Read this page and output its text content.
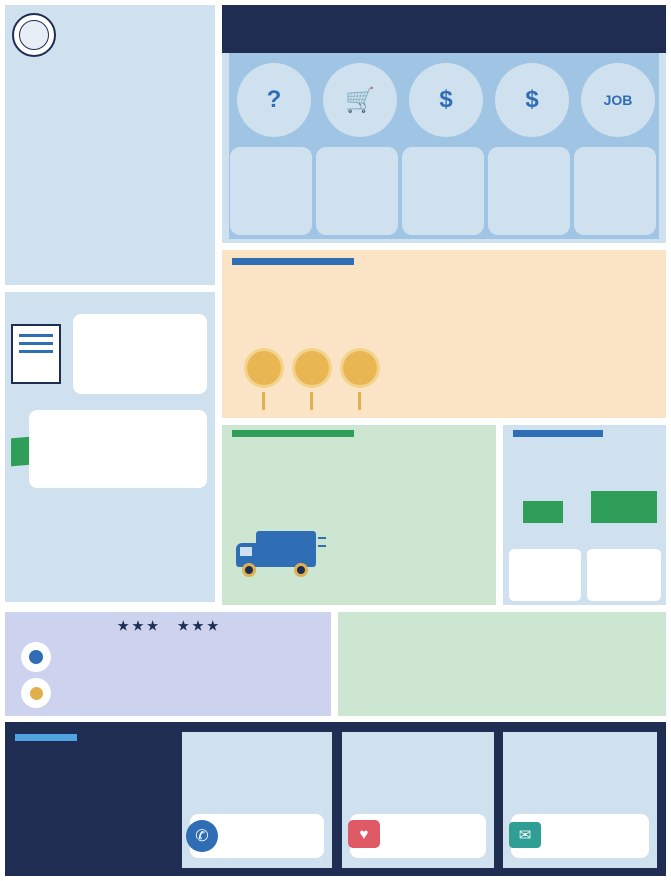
?	🛒	$	$	JOB
★ ★ ★ ★ ★ ★
✆	♥	✉
